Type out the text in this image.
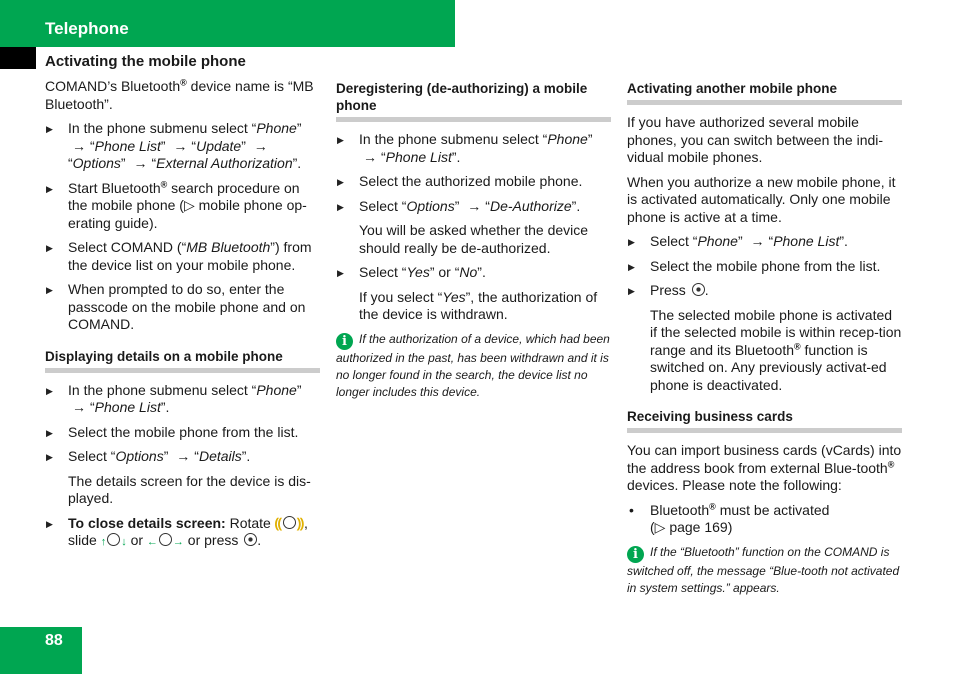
Telephone
Activating the mobile phone

COMAND’s Bluetooth® device name is “MB Bluetooth”.

▶ In the phone submenu select “Phone”
→ “Phone List” → “Update” →
“Options” → “External Authorization”.
▶ Start Bluetooth® search procedure on the mobile phone (▷ mobile phone op-erating guide).
▶ Select COMAND (“MB Bluetooth”) from the device list on your mobile phone.
▶ When prompted to do so, enter the passcode on the mobile phone and on COMAND.
Displaying details on a mobile phone
▶ In the phone submenu select “Phone”
→ “Phone List”.
▶ Select the mobile phone from the list.
▶ Select “Options” → “Details”.

The details screen for the device is dis-played.

▶ To close details screen: Rotate ⸨ ⸩,
slide ↑ ↓ or ← → or press .
Deregistering (de-authorizing) a mobile phone
▶ In the phone submenu select “Phone”
→ “Phone List”.
▶ Select the authorized mobile phone.
▶ Select “Options” → “De-Authorize”.

You will be asked whether the device should really be de-authorized.

▶ Select “Yes” or “No”.

If you select “Yes”, the authorization of the device is withdrawn.

i If the authorization of a device, which had been authorized in the past, has been withdrawn and it is no longer found in the search, the device list no longer includes this device.

Activating another mobile phone

If you have authorized several mobile phones, you can switch between the indi-vidual mobile phones.

When you authorize a new mobile phone, it is activated automatically. Only one mobile phone is active at a time.

▶ Select “Phone” → “Phone List”.
▶ Select the mobile phone from the list.
▶ Press .

The selected mobile phone is activated if the selected mobile is within recep-tion range and its Bluetooth® function is switched on. Any previously activat-ed phone is deactivated.

Receiving business cards

You can import business cards (vCards) into the address book from external Blue-tooth® devices. Please note the following:

• Bluetooth® must be activated
(▷ page 169)

i If the “Bluetooth” function on the COMAND is switched off, the message “Blue-tooth not activated in system settings.” appears.

88
